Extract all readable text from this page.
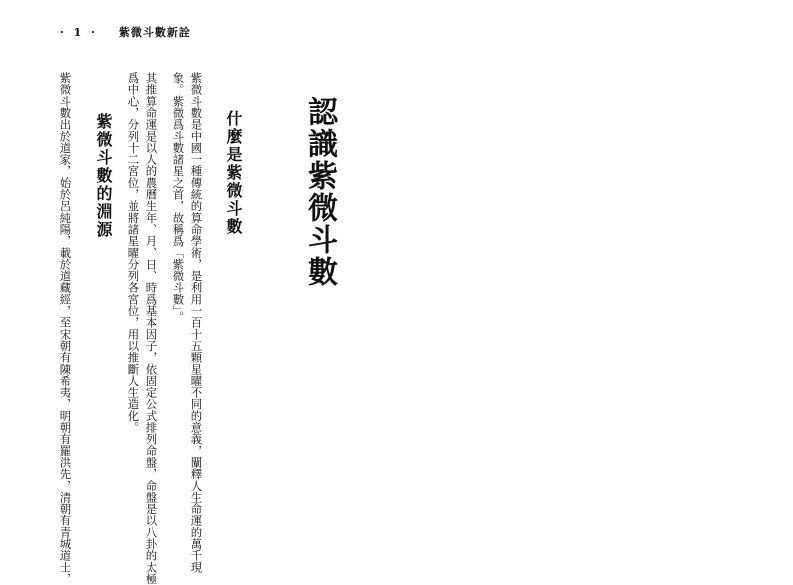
· 1 · 紫微斗數新詮
認識紫微斗數
什麼是紫微斗數
紫微斗數是中國一種傳統的算命學術，是利用一百十五顆星曜不同的意義，闡釋人生命運的萬千現
象。紫微爲斗數諸星之首，故稱爲「紫微斗數」。
其推算命運是以人的農曆生年、月、日、時爲基本因子，依固定公式排列命盤，命盤是以八卦的太極
爲中心，分列十二宮位，並將諸星曜分列各宮位，用以推斷人生造化。
紫微斗數的淵源
紫微斗數出於道家，始於呂純陽，載於道藏經，至宋朝有陳希夷，明朝有羅洪先，清朝有青城道士，
